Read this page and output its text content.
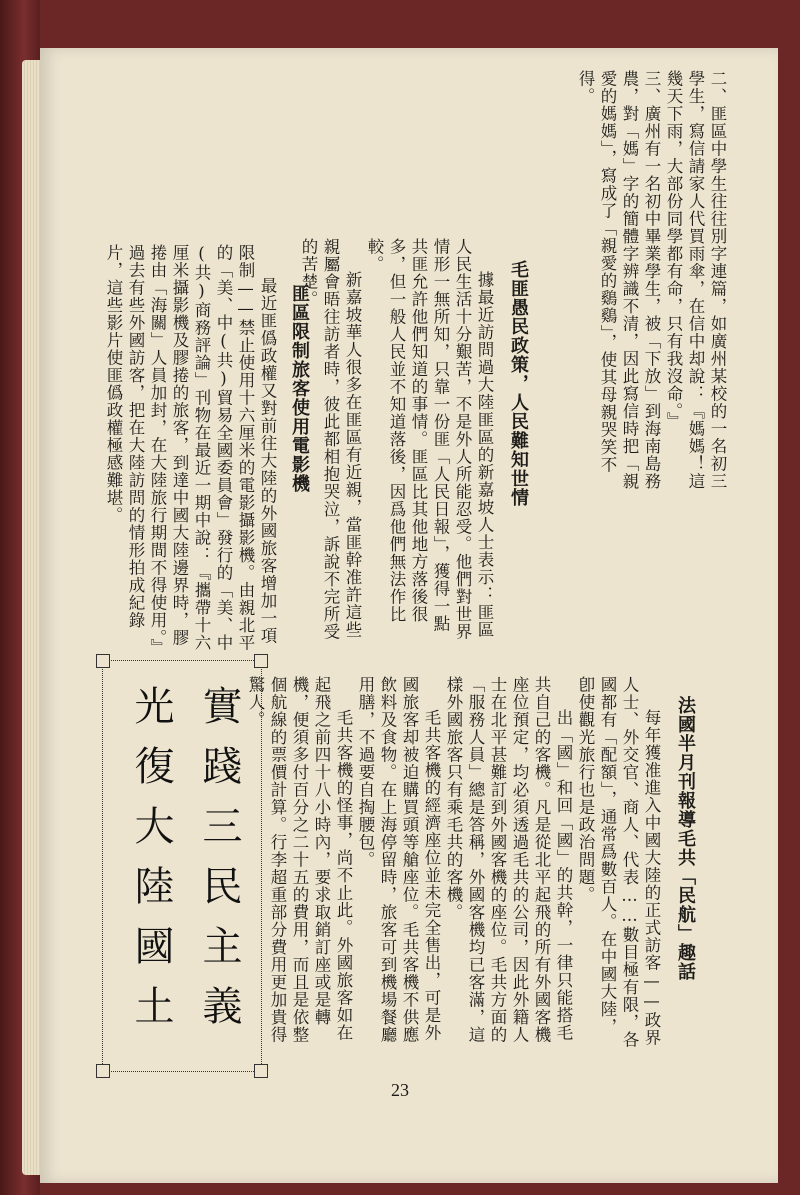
二、匪區中學生往往別字連篇，如廣州某校的一名初三學生，寫信請家人代買雨傘，在信中却說：『媽媽！這幾天下雨，大部份同學都有命，只有我沒命。』
三、廣州有一名初中畢業學生，被「下放」到海南島務農，對「媽」字的簡體字辨識不清，因此寫信時把「親愛的媽媽」，寫成了「親愛的鷄鷄」，使其母親哭笑不得。
毛匪愚民政策，人民難知世情
據最近訪問過大陸匪區的新嘉坡人士表示：匪區人民生活十分艱苦，不是外人所能忍受。他們對世界情形一無所知，只靠一份匪「人民日報」，獲得一點共匪允許他們知道的事情。匪區比其他地方落後很多，但一般人民並不知道落後，因爲他們無法作比較。
新嘉坡華人很多在匪區有近親，當匪幹准許這些親屬會晤往訪者時，彼此都相抱哭泣，訴說不完所受的苦楚。
匪區限制旅客使用電影機
最近匪僞政權又對前往大陸的外國旅客增加一項限制——禁止使用十六厘米的電影攝影機。由親北平的「美、中(共)貿易全國委員會」發行的「美、中(共)商務評論」刊物在最近一期中說：『攜帶十六厘米攝影機及膠捲的旅客，到達中國大陸邊界時，膠捲由「海關」人員加封，在大陸旅行期間不得使用。』過去有些外國訪客，把在大陸訪問的情形拍成紀錄片，這些影片使匪僞政權極感難堪。
法國半月刊報導毛共「民航」趣話
每年獲准進入中國大陸的正式訪客——政界人士、外交官、商人、代表……數目極有限，各國都有「配額」，通常爲數百人。在中國大陸，卽使觀光旅行也是政治問題。
出「國」和回「國」的共幹，一律只能搭毛共自己的客機。凡是從北平起飛的所有外國客機座位預定，均必須透過毛共的公司，因此外籍人士在北平甚難訂到外國客機的座位。毛共方面的「服務人員」總是答稱，外國客機均已客滿，這樣外國旅客只有乘毛共的客機。
毛共客機的經濟座位並未完全售出，可是外國旅客却被迫購買頭等艙座位。毛共客機不供應飲料及食物。在上海停留時，旅客可到機場餐廳用膳，不過要自掏腰包。
毛共客機的怪事，尚不止此。外國旅客如在起飛之前四十八小時內，要求取銷訂座或是轉機，便須多付百分之二十五的費用，而且是依整個航線的票價計算。行李超重部分費用更加貴得驚人。
實踐三民主義
光復大陸國土
23
